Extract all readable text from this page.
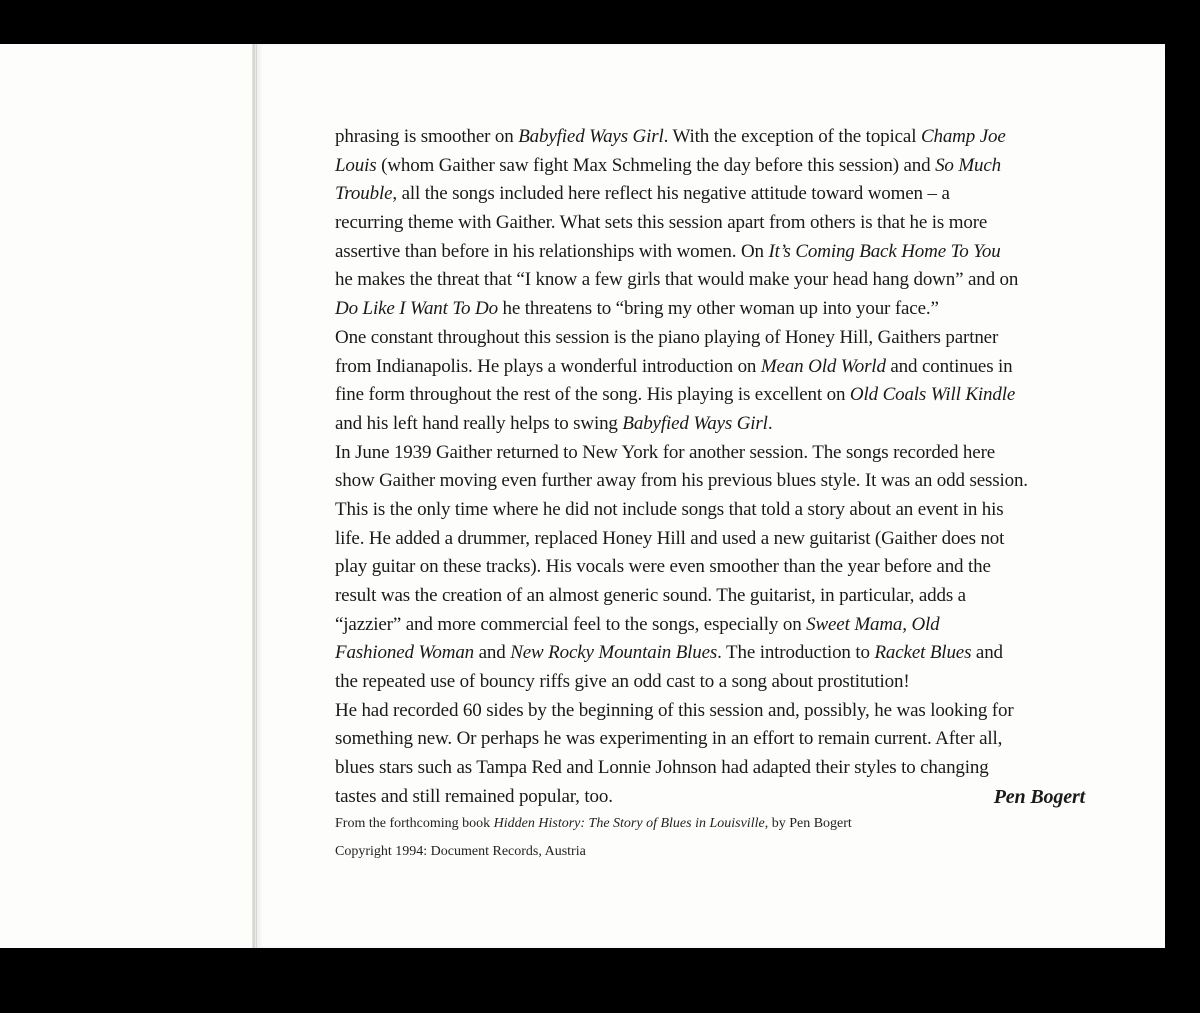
phrasing is smoother on Babyfied Ways Girl. With the exception of the topical Champ Joe
Louis (whom Gaither saw fight Max Schmeling the day before this session) and So Much
Trouble, all the songs included here reflect his negative attitude toward women – a
recurring theme with Gaither. What sets this session apart from others is that he is more
assertive than before in his relationships with women. On It’s Coming Back Home To You
he makes the threat that “I know a few girls that would make your head hang down” and on
Do Like I Want To Do he threatens to “bring my other woman up into your face.”
One constant throughout this session is the piano playing of Honey Hill, Gaithers partner
from Indianapolis. He plays a wonderful introduction on Mean Old World and continues in
fine form throughout the rest of the song. His playing is excellent on Old Coals Will Kindle
and his left hand really helps to swing Babyfied Ways Girl.
In June 1939 Gaither returned to New York for another session. The songs recorded here
show Gaither moving even further away from his previous blues style. It was an odd session.
This is the only time where he did not include songs that told a story about an event in his
life. He added a drummer, replaced Honey Hill and used a new guitarist (Gaither does not
play guitar on these tracks). His vocals were even smoother than the year before and the
result was the creation of an almost generic sound. The guitarist, in particular, adds a
“jazzier” and more commercial feel to the songs, especially on Sweet Mama, Old
Fashioned Woman and New Rocky Mountain Blues. The introduction to Racket Blues and
the repeated use of bouncy riffs give an odd cast to a song about prostitution!
He had recorded 60 sides by the beginning of this session and, possibly, he was looking for
something new. Or perhaps he was experimenting in an effort to remain current. After all,
blues stars such as Tampa Red and Lonnie Johnson had adapted their styles to changing
tastes and still remained popular, too.	Pen Bogert
From the forthcoming book Hidden History: The Story of Blues in Louisville, by Pen Bogert
Copyright 1994: Document Records, Austria
